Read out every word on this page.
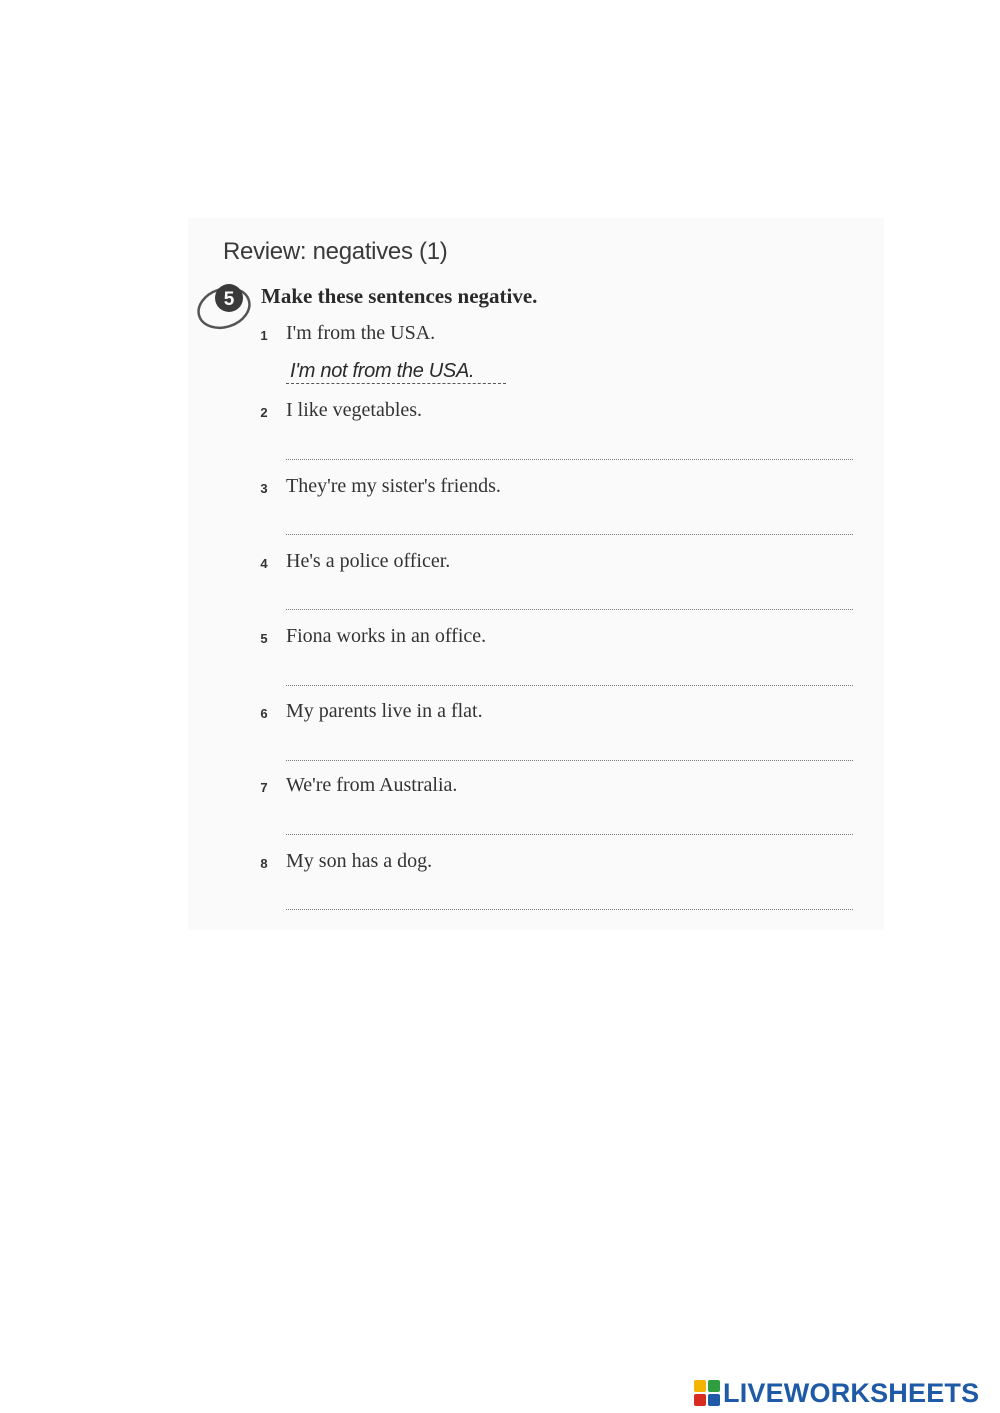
Review: negatives (1)
5 Make these sentences negative.
1 I'm from the USA.
I'm not from the USA.
2 I like vegetables.
3 They're my sister's friends.
4 He's a police officer.
5 Fiona works in an office.
6 My parents live in a flat.
7 We're from Australia.
8 My son has a dog.
LIVEWORKSHEETS
